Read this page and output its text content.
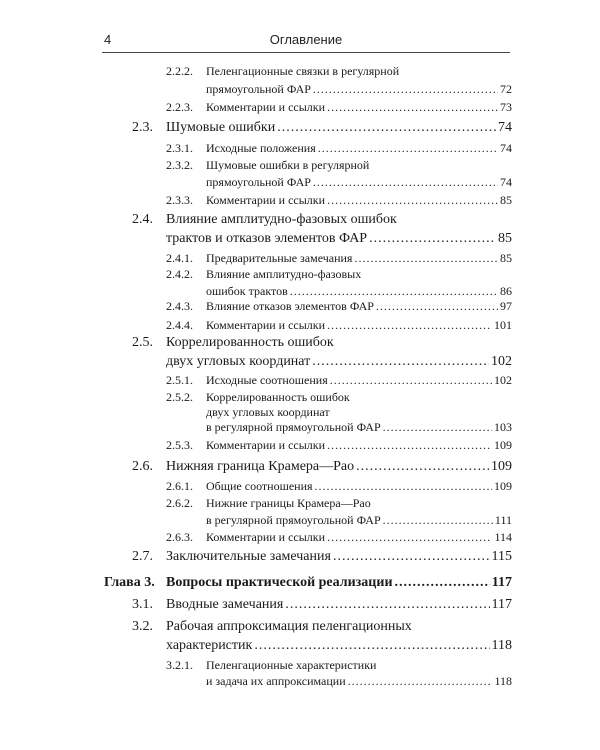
4	Оглавление
2.2.2. Пеленгационные связки в регулярной
прямоугольной ФАР .....	72
2.2.3. Комментарии и ссылки .....	73
2.3. Шумовые ошибки .....	74
2.3.1. Исходные положения .....	74
2.3.2. Шумовые ошибки в регулярной
прямоугольной ФАР .....	74
2.3.3. Комментарии и ссылки .....	85
2.4. Влияние амплитудно-фазовых ошибок
трактов и отказов элементов ФАР .....	85
2.4.1. Предварительные замечания .....	85
2.4.2. Влияние амплитудно-фазовых
ошибок трактов .....	86
2.4.3. Влияние отказов элементов ФАР .....	97
2.4.4. Комментарии и ссылки .....	101
2.5. Коррелированность ошибок
двух угловых координат .....	102
2.5.1. Исходные соотношения .....	102
2.5.2. Коррелированность ошибок
двух угловых координат
в регулярной прямоугольной ФАР .....	103
2.5.3. Комментарии и ссылки .....	109
2.6. Нижняя граница Крамера—Рао .....	109
2.6.1. Общие соотношения .....	109
2.6.2. Нижние границы Крамера—Рао
в регулярной прямоугольной ФАР .....	111
2.6.3. Комментарии и ссылки .....	114
2.7. Заключительные замечания .....	115
Глава 3. Вопросы практической реализации .....	117
3.1. Вводные замечания .....	117
3.2. Рабочая аппроксимация пеленгационных
характеристик .....	118
3.2.1. Пеленгационные характеристики
и задача их аппроксимации .....	118
